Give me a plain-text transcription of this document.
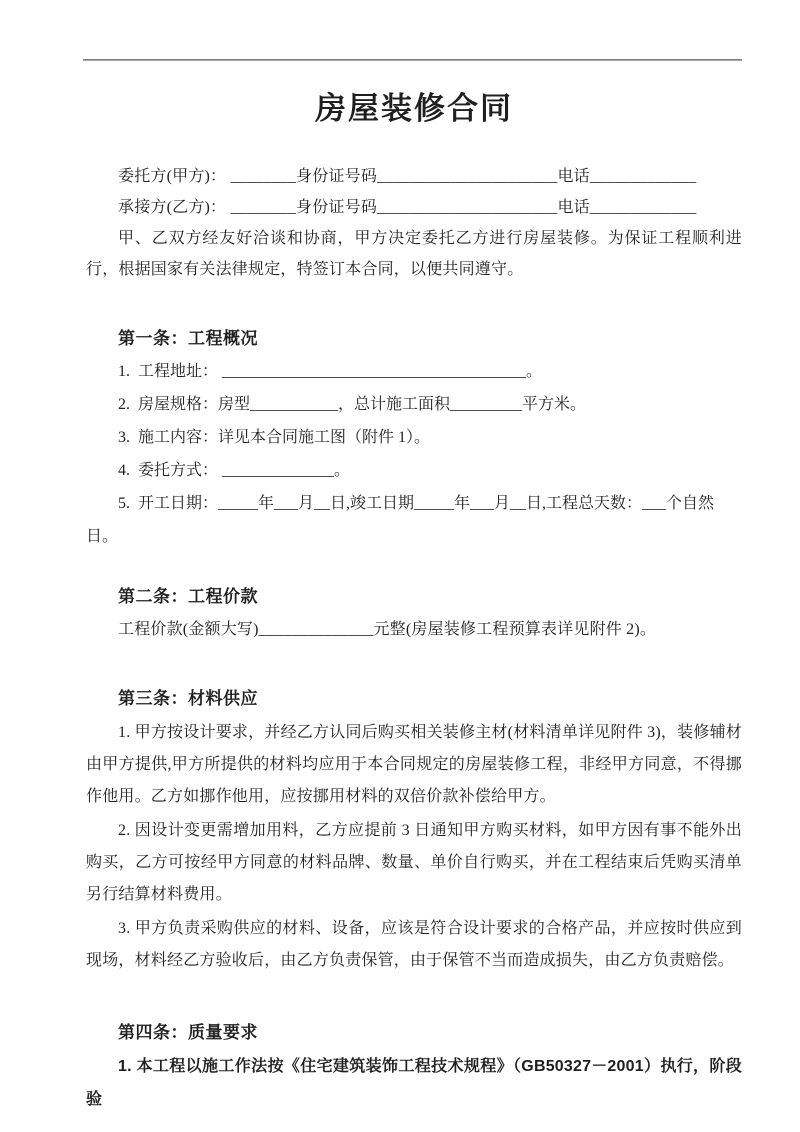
房屋装修合同
委托方(甲方)： ________身份证号码______________________电话_____________
承接方(乙方)： ________身份证号码______________________电话_____________

甲、乙双方经友好洽谈和协商，甲方决定委托乙方进行房屋装修。为保证工程顺利进行，根据国家有关法律规定，特签订本合同，以便共同遵守。

第一条：工程概况
1.  工程地址： ______________________________________。
2.  房屋规格：房型___________，总计施工面积_________平方米。
3.  施工内容：详见本合同施工图（附件 1）。
4.  委托方式： ______________。
5.  开工日期：_____年___月__日,竣工日期_____年___月__日,工程总天数：___个自然日。
第二条：工程价款
工程价款(金额大写)______________元整(房屋装修工程预算表详见附件 2)。
第三条：材料供应

1. 甲方按设计要求，并经乙方认同后购买相关装修主材(材料清单详见附件 3)，装修辅材由甲方提供,甲方所提供的材料均应用于本合同规定的房屋装修工程，非经甲方同意，不得挪作他用。乙方如挪作他用，应按挪用材料的双倍价款补偿给甲方。

2. 因设计变更需增加用料，乙方应提前 3 日通知甲方购买材料，如甲方因有事不能外出购买，乙方可按经甲方同意的材料品牌、数量、单价自行购买，并在工程结束后凭购买清单另行结算材料费用。

3. 甲方负责采购供应的材料、设备，应该是符合设计要求的合格产品，并应按时供应到现场，材料经乙方验收后，由乙方负责保管，由于保管不当而造成损失，由乙方负责赔偿。

第四条：质量要求

1. 本工程以施工作法按《住宅建筑装饰工程技术规程》（GB50327－2001）执行，阶段验
